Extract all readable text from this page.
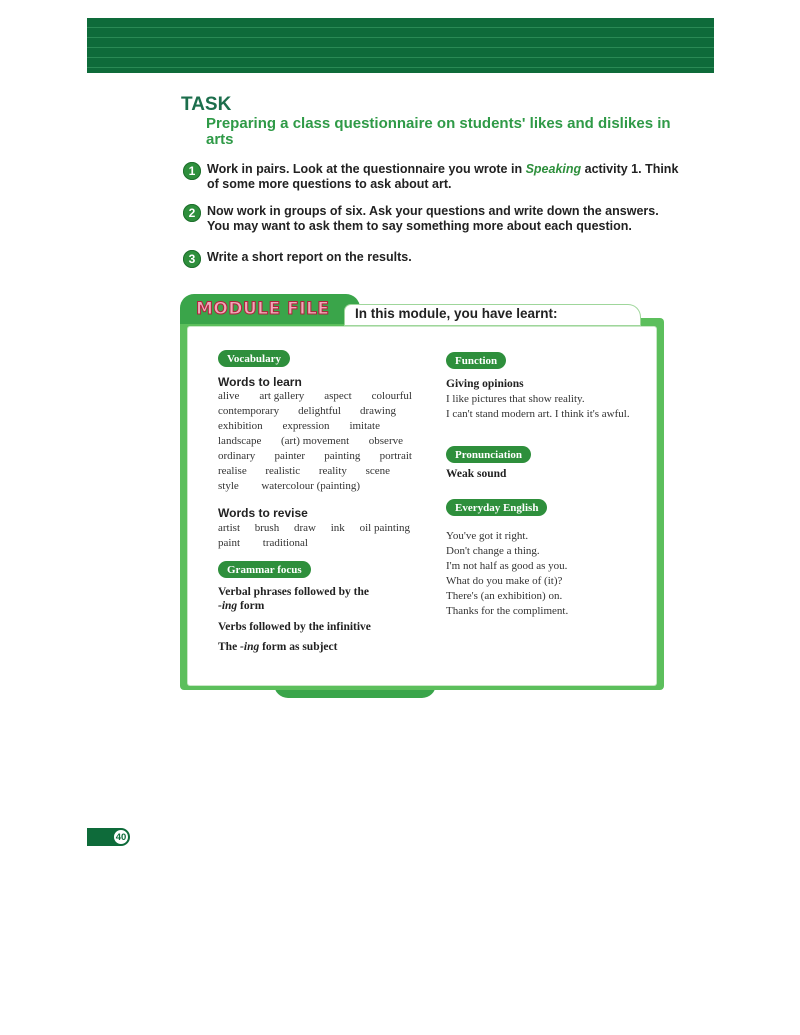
TASK
Preparing a class questionnaire on students' likes and dislikes in arts
1 Work in pairs. Look at the questionnaire you wrote in Speaking activity 1. Think of some more questions to ask about art.
2 Now work in groups of six. Ask your questions and write down the answers. You may want to ask them to say something more about each question.
3 Write a short report on the results.
MODULE FILE In this module, you have learnt:
Vocabulary
Words to learn
alive art gallery aspect colourful
contemporary delightful drawing
exhibition expression imitate
landscape (art) movement observe
ordinary painter painting portrait
realise realistic reality scene
style watercolour (painting)
Words to revise
artist brush draw ink oil painting
paint traditional
Grammar focus
Verbal phrases followed by the
-ing form
Verbs followed by the infinitive
The -ing form as subject
Function
Giving opinions
I like pictures that show reality.
I can't stand modern art. I think it's awful.
Pronunciation
Weak sound
Everyday English
You've got it right.
Don't change a thing.
I'm not half as good as you.
What do you make of (it)?
There's (an exhibition) on.
Thanks for the compliment.
40
